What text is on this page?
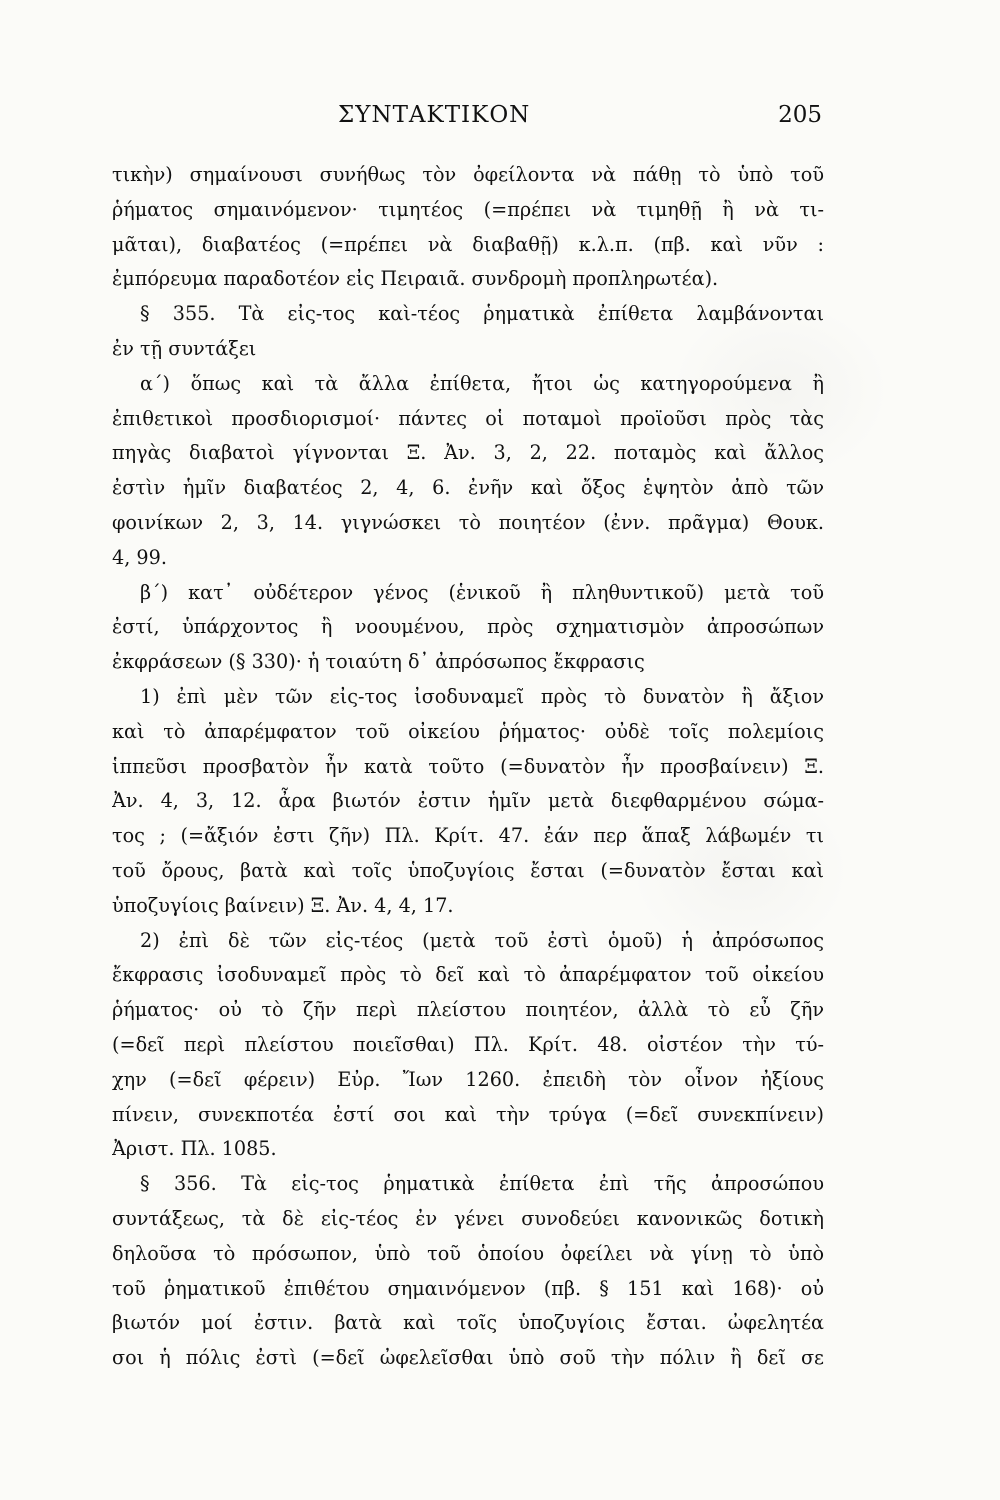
ΣΥΝΤΑΚΤΙΚΟΝ	205
τικὴν) σημαίνουσι συνήθως τὸν ὀφείλοντα νὰ πάθῃ τὸ ὑπὸ τοῦ
ῥήματος σημαινόμενον· τιμητέος (=πρέπει νὰ τιμηθῇ ἢ νὰ τι-
μᾶται), διαβατέος (=πρέπει νὰ διαβαθῇ) κ.λ.π. (πβ. καὶ νῦν :
ἐμπόρευμα παραδοτέον εἰς Πειραιᾶ. συνδρομὴ προπληρωτέα).
§ 355. Τὰ εἰς-τος καὶ-τέος ῥηματικὰ ἐπίθετα λαμβάνονται
ἐν τῇ συντάξει
α΄) ὅπως καὶ τὰ ἄλλα ἐπίθετα, ἤτοι ὡς κατηγορούμενα ἢ
ἐπιθετικοὶ προσδιορισμοί· πάντες οἱ ποταμοὶ προϊοῦσι πρὸς τὰς
πηγὰς διαβατοὶ γίγνονται Ξ. Ἀν. 3, 2, 22. ποταμὸς καὶ ἄλλος
ἐστὶν ἡμῖν διαβατέος 2, 4, 6. ἐνῆν καὶ ὄξος ἑψητὸν ἀπὸ τῶν
φοινίκων 2, 3, 14. γιγνώσκει τὸ ποιητέον (ἐνν. πρᾶγμα) Θουκ.
4, 99.
β΄) κατ᾿ οὐδέτερον γένος (ἑνικοῦ ἢ πληθυντικοῦ) μετὰ τοῦ
ἐστί, ὑπάρχοντος ἢ νοουμένου, πρὸς σχηματισμὸν ἀπροσώπων
ἐκφράσεων (§ 330)· ἡ τοιαύτη δ᾿ ἀπρόσωπος ἔκφρασις
1) ἐπὶ μὲν τῶν εἰς-τος ἰσοδυναμεῖ πρὸς τὸ δυνατὸν ἢ ἄξιον
καὶ τὸ ἀπαρέμφατον τοῦ οἰκείου ῥήματος· οὐδὲ τοῖς πολεμίοις
ἱππεῦσι προσβατὸν ἦν κατὰ τοῦτο (=δυνατὸν ἦν προσβαίνειν) Ξ.
Ἀν. 4, 3, 12. ἆρα βιωτόν ἐστιν ἡμῖν μετὰ διεφθαρμένου σώμα-
τος ; (=ἄξιόν ἐστι ζῆν) Πλ. Κρίτ. 47. ἐάν περ ἅπαξ λάβωμέν τι
τοῦ ὄρους, βατὰ καὶ τοῖς ὑποζυγίοις ἔσται (=δυνατὸν ἔσται καὶ
ὑποζυγίοις βαίνειν) Ξ. Ἀν. 4, 4, 17.
2) ἐπὶ δὲ τῶν εἰς-τέος (μετὰ τοῦ ἐστὶ ὁμοῦ) ἡ ἀπρόσωπος
ἔκφρασις ἰσοδυναμεῖ πρὸς τὸ δεῖ καὶ τὸ ἀπαρέμφατον τοῦ οἰκείου
ῥήματος· οὐ τὸ ζῆν περὶ πλείστου ποιητέον, ἀλλὰ τὸ εὖ ζῆν
(=δεῖ περὶ πλείστου ποιεῖσθαι) Πλ. Κρίτ. 48. οἰστέον τὴν τύ-
χην (=δεῖ φέρειν) Εὐρ. Ἴων 1260. ἐπειδὴ τὸν οἶνον ἠξίους
πίνειν, συνεκποτέα ἐστί σοι καὶ τὴν τρύγα (=δεῖ συνεκπίνειν)
Ἀριστ. Πλ. 1085.
§ 356. Τὰ εἰς-τος ῥηματικὰ ἐπίθετα ἐπὶ τῆς ἀπροσώπου
συντάξεως, τὰ δὲ εἰς-τέος ἐν γένει συνοδεύει κανονικῶς δοτικὴ
δηλοῦσα τὸ πρόσωπον, ὑπὸ τοῦ ὁποίου ὀφείλει νὰ γίνῃ τὸ ὑπὸ
τοῦ ῥηματικοῦ ἐπιθέτου σημαινόμενον (πβ. § 151 καὶ 168)· οὐ
βιωτόν μοί ἐστιν. βατὰ καὶ τοῖς ὑποζυγίοις ἔσται. ὠφελητέα
σοι ἡ πόλις ἐστὶ (=δεῖ ὠφελεῖσθαι ὑπὸ σοῦ τὴν πόλιν ἢ δεῖ σε
